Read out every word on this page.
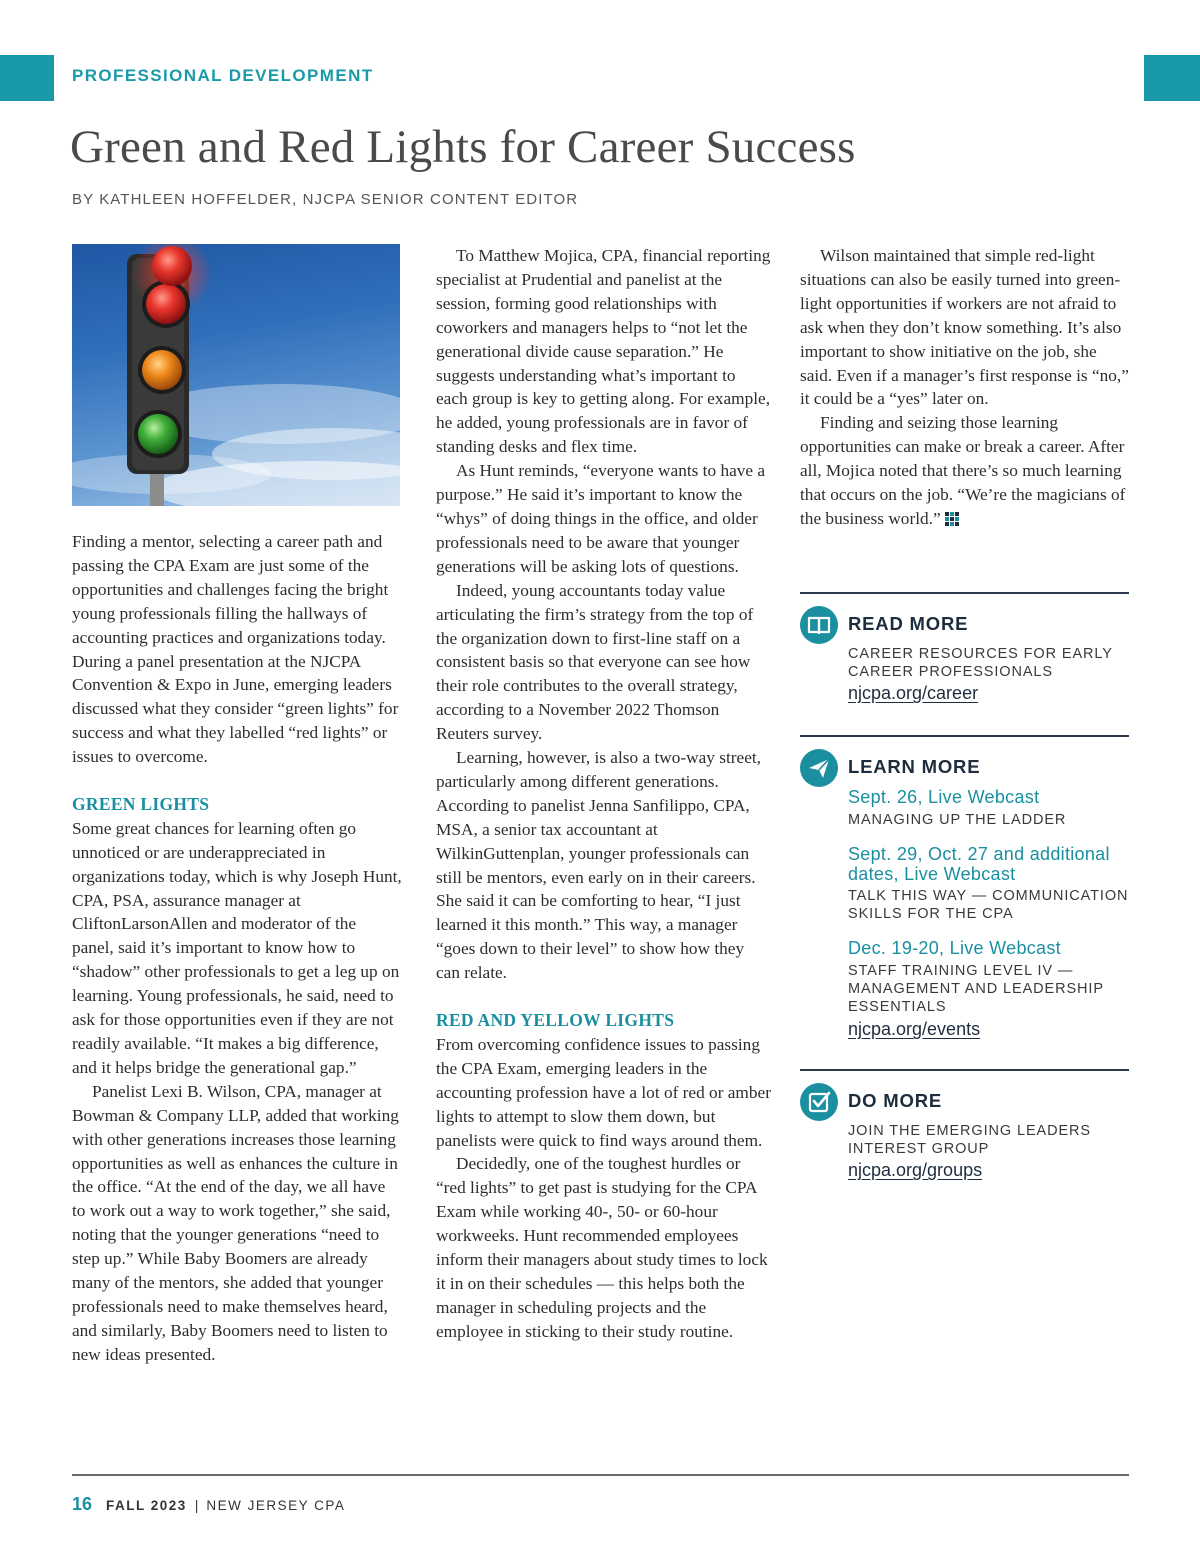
PROFESSIONAL DEVELOPMENT
Green and Red Lights for Career Success
BY KATHLEEN HOFFELDER, NJCPA SENIOR CONTENT EDITOR

Finding a mentor, selecting a career path and passing the CPA Exam are just some of the opportunities and challenges facing the bright young professionals filling the hallways of accounting practices and organizations today. During a panel presentation at the NJCPA Convention & Expo in June, emerging leaders discussed what they consider “green lights” for success and what they labelled “red lights” or issues to overcome.

GREEN LIGHTS

Some great chances for learning often go unnoticed or are underappreciated in organizations today, which is why Joseph Hunt, CPA, PSA, assurance manager at CliftonLarsonAllen and moderator of the panel, said it’s important to know how to “shadow” other professionals to get a leg up on learning. Young professionals, he said, need to ask for those opportunities even if they are not readily available. “It makes a big difference, and it helps bridge the generational gap.”

Panelist Lexi B. Wilson, CPA, manager at Bowman & Company LLP, added that working with other generations increases those learning opportunities as well as enhances the culture in the office. “At the end of the day, we all have to work out a way to work together,” she said, noting that the younger generations “need to step up.” While Baby Boomers are already many of the mentors, she added that younger professionals need to make themselves heard, and similarly, Baby Boomers need to listen to new ideas presented.

To Matthew Mojica, CPA, financial reporting specialist at Prudential and panelist at the session, forming good relationships with coworkers and managers helps to “not let the generational divide cause separation.” He suggests understanding what’s important to each group is key to getting along. For example, he added, young professionals are in favor of standing desks and flex time.

As Hunt reminds, “everyone wants to have a purpose.” He said it’s important to know the “whys” of doing things in the office, and older professionals need to be aware that younger generations will be asking lots of questions.

Indeed, young accountants today value articulating the firm’s strategy from the top of the organization down to first-line staff on a consistent basis so that everyone can see how their role contributes to the overall strategy, according to a November 2022 Thomson Reuters survey.

Learning, however, is also a two-way street, particularly among different generations. According to panelist Jenna Sanfilippo, CPA, MSA, a senior tax accountant at WilkinGuttenplan, younger professionals can still be mentors, even early on in their careers. She said it can be comforting to hear, “I just learned it this month.” This way, a manager “goes down to their level” to show how they can relate.

RED AND YELLOW LIGHTS

From overcoming confidence issues to passing the CPA Exam, emerging leaders in the accounting profession have a lot of red or amber lights to attempt to slow them down, but panelists were quick to find ways around them.

Decidedly, one of the toughest hurdles or “red lights” to get past is studying for the CPA Exam while working 40-, 50- or 60-hour workweeks. Hunt recommended employees inform their managers about study times to lock it in on their schedules — this helps both the manager in scheduling projects and the employee in sticking to their study routine.

Wilson maintained that simple red-light situations can also be easily turned into green-light opportunities if workers are not afraid to ask when they don’t know something. It’s also important to show initiative on the job, she said. Even if a manager’s first response is “no,” it could be a “yes” later on.

Finding and seizing those learning opportunities can make or break a career. After all, Mojica noted that there’s so much learning that occurs on the job. “We’re the magicians of the business world.”

READ MORE
CAREER RESOURCES FOR EARLY CAREER PROFESSIONALS
njcpa.org/career
LEARN MORE
Sept. 26, Live Webcast
MANAGING UP THE LADDER
Sept. 29, Oct. 27 and additional dates, Live Webcast
TALK THIS WAY — COMMUNICATION SKILLS FOR THE CPA
Dec. 19-20, Live Webcast
STAFF TRAINING LEVEL IV — MANAGEMENT AND LEADERSHIP ESSENTIALS
njcpa.org/events
DO MORE
JOIN THE EMERGING LEADERS INTEREST GROUP
njcpa.org/groups
16 FALL 2023 | NEW JERSEY CPA
